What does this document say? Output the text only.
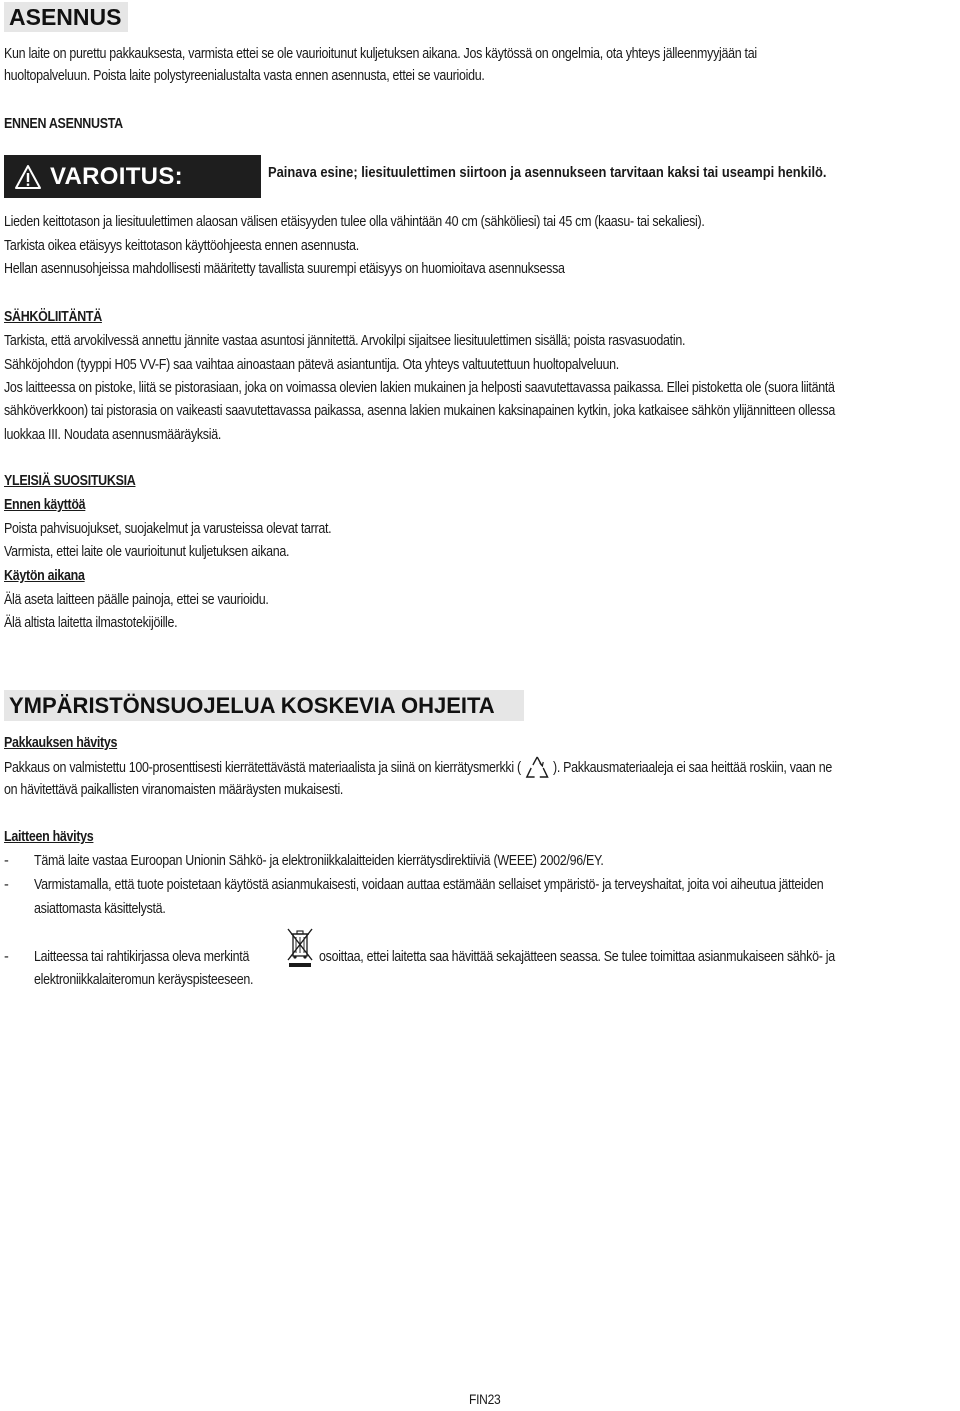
ASENNUS
Kun laite on purettu pakkauksesta, varmista ettei se ole vaurioitunut kuljetuksen aikana. Jos käytössä on ongelmia, ota yhteys jälleenmyyjään tai
huoltopalveluun. Poista laite polystyreenialustalta vasta ennen asennusta, ettei se vaurioidu.
ENNEN ASENNUSTA
VAROITUS:	Painava esine; liesituulettimen siirtoon ja asennukseen tarvitaan kaksi tai useampi henkilö.
Lieden keittotason ja liesituulettimen alaosan välisen etäisyyden tulee olla vähintään 40 cm (sähköliesi) tai 45 cm (kaasu- tai sekaliesi).
Tarkista oikea etäisyys keittotason käyttöohjeesta ennen asennusta.
Hellan asennusohjeissa mahdollisesti määritetty tavallista suurempi etäisyys on huomioitava asennuksessa
SÄHKÖLIITÄNTÄ
Tarkista, että arvokilvessä annettu jännite vastaa asuntosi jännitettä. Arvokilpi sijaitsee liesituulettimen sisällä; poista rasvasuodatin.
Sähköjohdon (tyyppi H05 VV-F) saa vaihtaa ainoastaan pätevä asiantuntija. Ota yhteys valtuutettuun huoltopalveluun.
Jos laitteessa on pistoke, liitä se pistorasiaan, joka on voimassa olevien lakien mukainen ja helposti saavutettavassa paikassa. Ellei pistoketta ole (suora liitäntä
sähköverkkoon) tai pistorasia on vaikeasti saavutettavassa paikassa, asenna lakien mukainen kaksinapainen kytkin, joka katkaisee sähkön ylijännitteen ollessa
luokkaa III. Noudata asennusmääräyksiä.
YLEISIÄ SUOSITUKSIA
Ennen käyttöä
Poista pahvisuojukset, suojakelmut ja varusteissa olevat tarrat.
Varmista, ettei laite ole vaurioitunut kuljetuksen aikana.
Käytön aikana
Älä aseta laitteen päälle painoja, ettei se vaurioidu.
Älä altista laitetta ilmastotekijöille.
YMPÄRISTÖNSUOJELUA KOSKEVIA OHJEITA
Pakkauksen hävitys
Pakkaus on valmistettu 100-prosenttisesti kierrätettävästä materiaalista ja siinä on kierrätysmerkki ( ). Pakkausmateriaaleja ei saa heittää roskiin, vaan ne
on hävitettävä paikallisten viranomaisten määräysten mukaisesti.
Laitteen hävitys
- Tämä laite vastaa Euroopan Unionin Sähkö- ja elektroniikkalaitteiden kierrätysdirektiiviä (WEEE) 2002/96/EY.
- Varmistamalla, että tuote poistetaan käytöstä asianmukaisesti, voidaan auttaa estämään sellaiset ympäristö- ja terveyshaitat, joita voi aiheutua jätteiden
asiattomasta käsittelystä.
- Laitteessa tai rahtikirjassa oleva merkintä	osoittaa, ettei laitetta saa hävittää sekajätteen seassa. Se tulee toimittaa asianmukaiseen sähkö- ja
elektroniikkalaiteromun keräyspisteeseen.
FIN23
